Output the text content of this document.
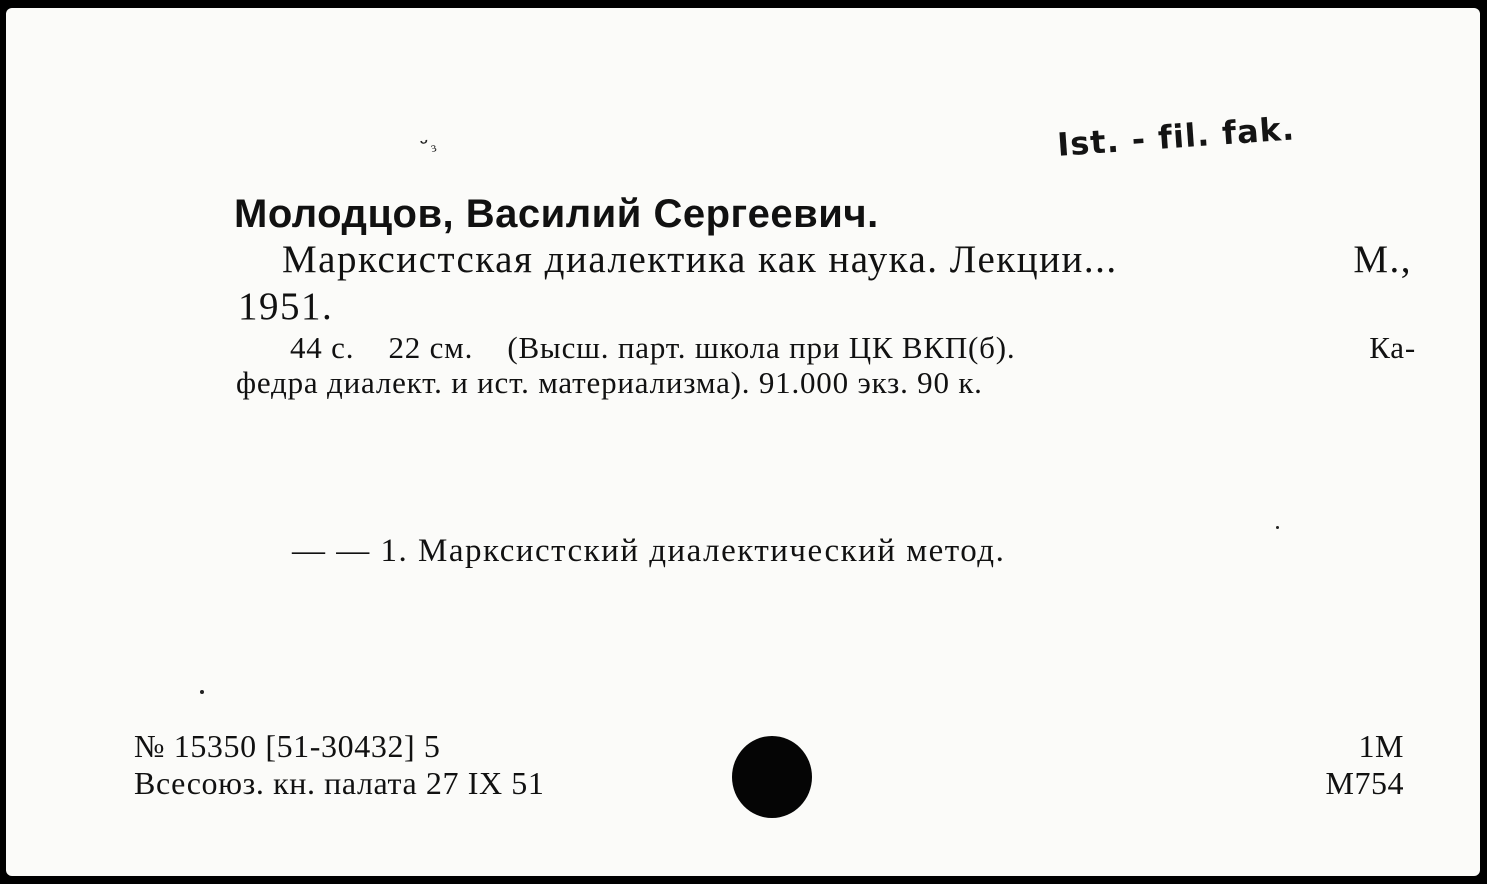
ﬞ ᵌ	Ist. - fil. fak.
Молодцов, Василий Сергеевич.
Марксистская диалектика как наука. Лекции...	М.,
1951.
44 с.    22 см.    (Высш. парт. школа при ЦК ВКП(б).	Ка-
федра диалект. и ист. материализма). 91.000 экз. 90 к.
— — 1. Марксистский диалектический метод.
№ 15350 [51-30432] 5
Всесоюз. кн. палата 27 IX 51
1М
М754
